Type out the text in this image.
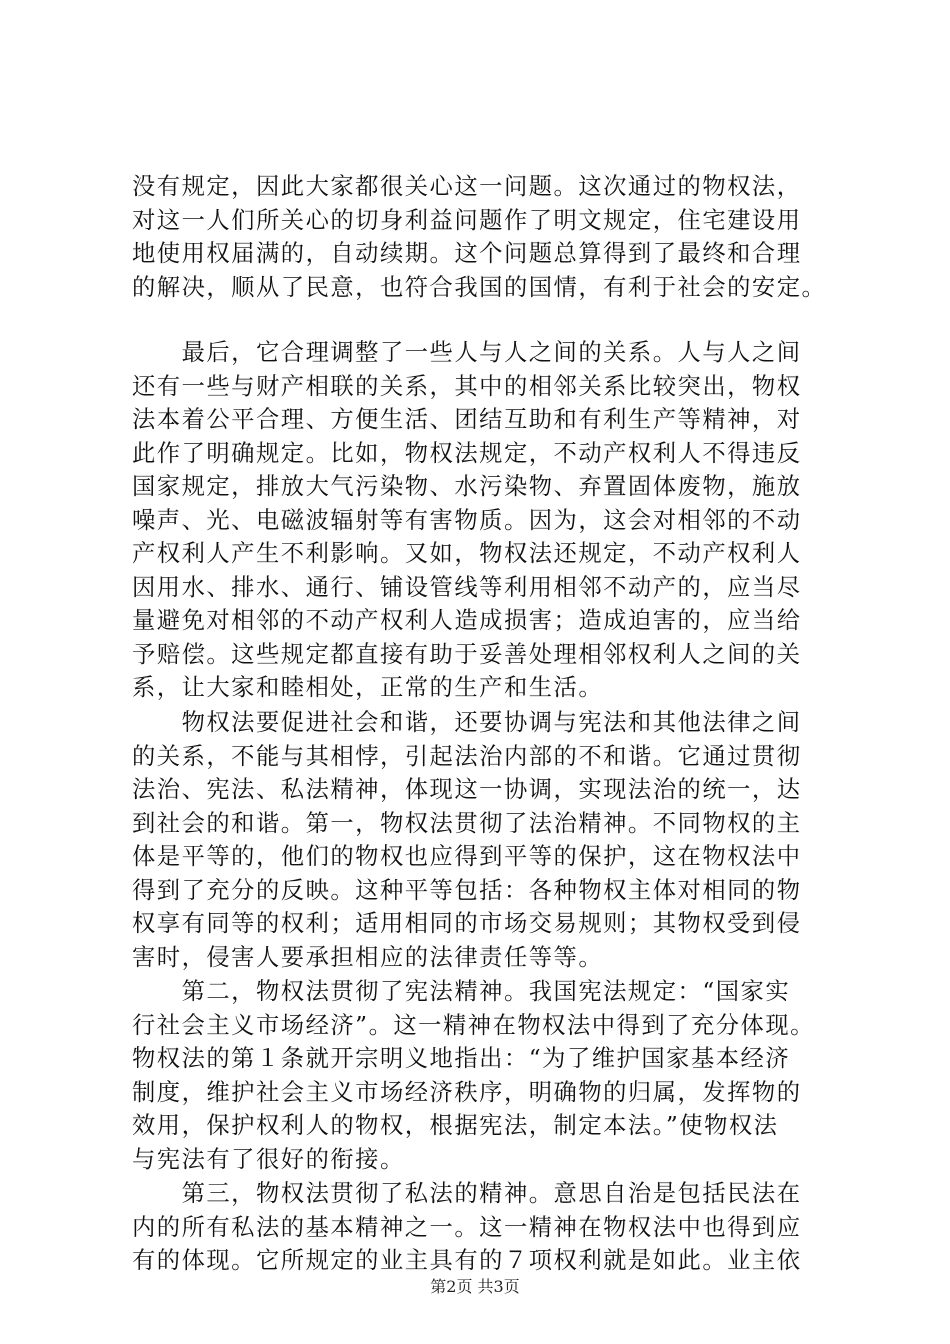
没有规定，因此大家都很关心这一问题。这次通过的物权法，
对这一人们所关心的切身利益问题作了明文规定，住宅建设用
地使用权届满的，自动续期。这个问题总算得到了最终和合理
的解决，顺从了民意，也符合我国的国情，有利于社会的安定。
　　最后，它合理调整了一些人与人之间的关系。人与人之间
还有一些与财产相联的关系，其中的相邻关系比较突出，物权
法本着公平合理、方便生活、团结互助和有利生产等精神，对
此作了明确规定。比如，物权法规定，不动产权利人不得违反
国家规定，排放大气污染物、水污染物、弃置固体废物，施放
噪声、光、电磁波辐射等有害物质。因为，这会对相邻的不动
产权利人产生不利影响。又如，物权法还规定，不动产权利人
因用水、排水、通行、铺设管线等利用相邻不动产的，应当尽
量避免对相邻的不动产权利人造成损害；造成迫害的，应当给
予赔偿。这些规定都直接有助于妥善处理相邻权利人之间的关
系，让大家和睦相处，正常的生产和生活。
　　物权法要促进社会和谐，还要协调与宪法和其他法律之间
的关系，不能与其相悖，引起法治内部的不和谐。它通过贯彻
法治、宪法、私法精神，体现这一协调，实现法治的统一，达
到社会的和谐。第一，物权法贯彻了法治精神。不同物权的主
体是平等的，他们的物权也应得到平等的保护，这在物权法中
得到了充分的反映。这种平等包括：各种物权主体对相同的物
权享有同等的权利；适用相同的市场交易规则；其物权受到侵
害时，侵害人要承担相应的法律责任等等。
　　第二，物权法贯彻了宪法精神。我国宪法规定：“国家实
行社会主义市场经济”。这一精神在物权法中得到了充分体现。
物权法的第１条就开宗明义地指出：“为了维护国家基本经济
制度，维护社会主义市场经济秩序，明确物的归属，发挥物的
效用，保护权利人的物权，根据宪法，制定本法。”使物权法
与宪法有了很好的衔接。
　　第三，物权法贯彻了私法的精神。意思自治是包括民法在
内的所有私法的基本精神之一。这一精神在物权法中也得到应
有的体现。它所规定的业主具有的７项权利就是如此。业主依
第2页 共3页
